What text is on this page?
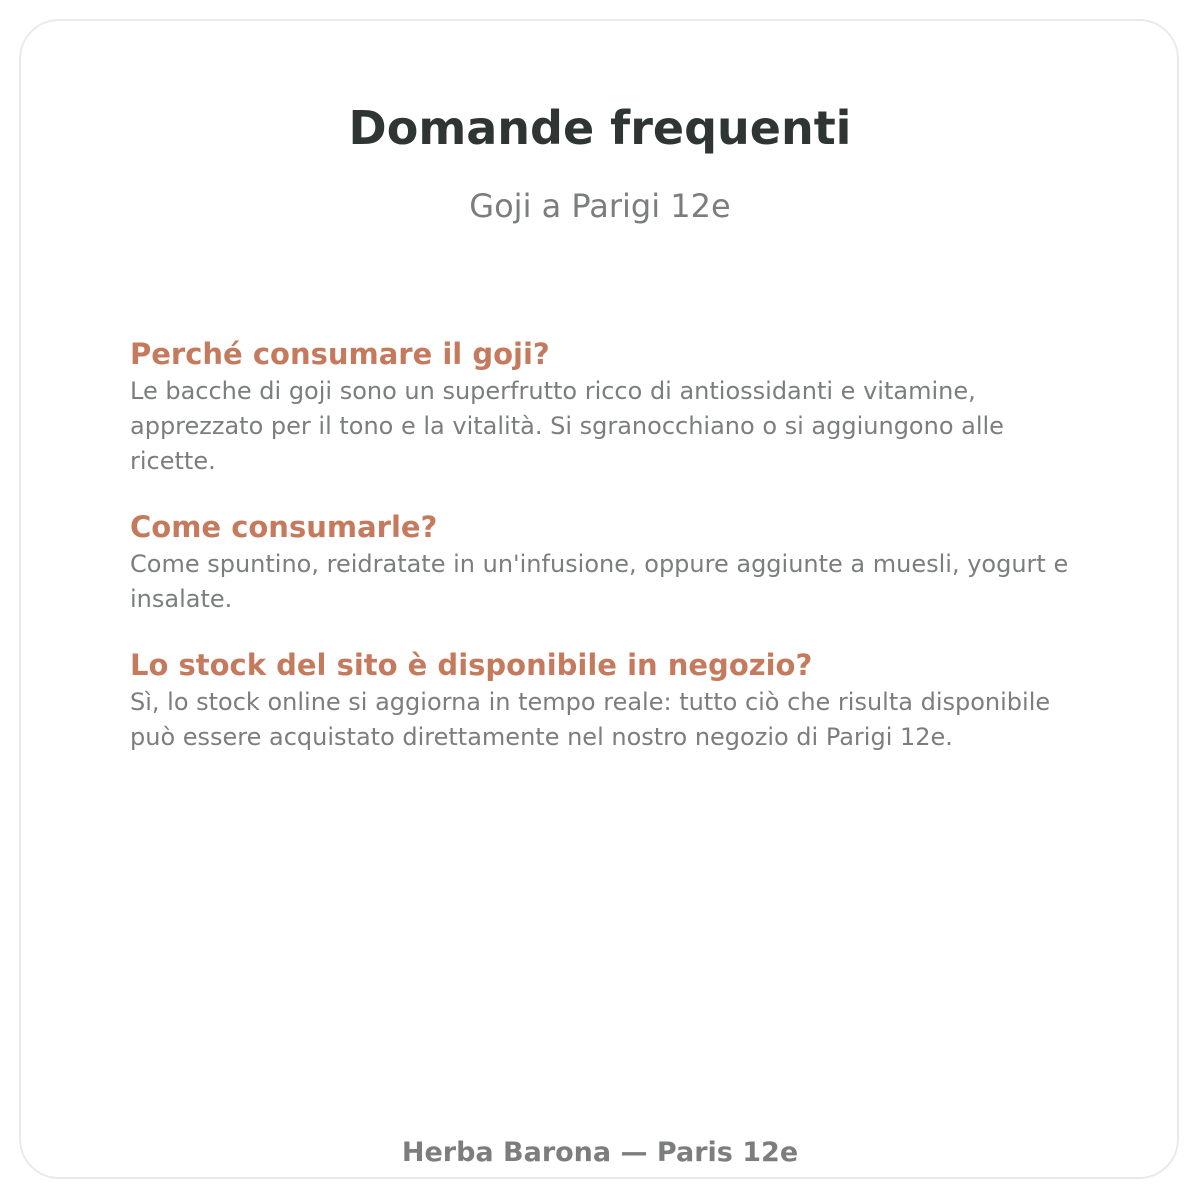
Domande frequenti

Goji a Parigi 12e

Perché consumare il goji?

Le bacche di goji sono un superfrutto ricco di antiossidanti e vitamine, apprezzato per il tono e la vitalità. Si sgranocchiano o si aggiungono alle ricette.

Come consumarle?

Come spuntino, reidratate in un'infusione, oppure aggiunte a muesli, yogurt e insalate.

Lo stock del sito è disponibile in negozio?

Sì, lo stock online si aggiorna in tempo reale: tutto ciò che risulta disponibile può essere acquistato direttamente nel nostro negozio di Parigi 12e.

Herba Barona — Paris 12e
